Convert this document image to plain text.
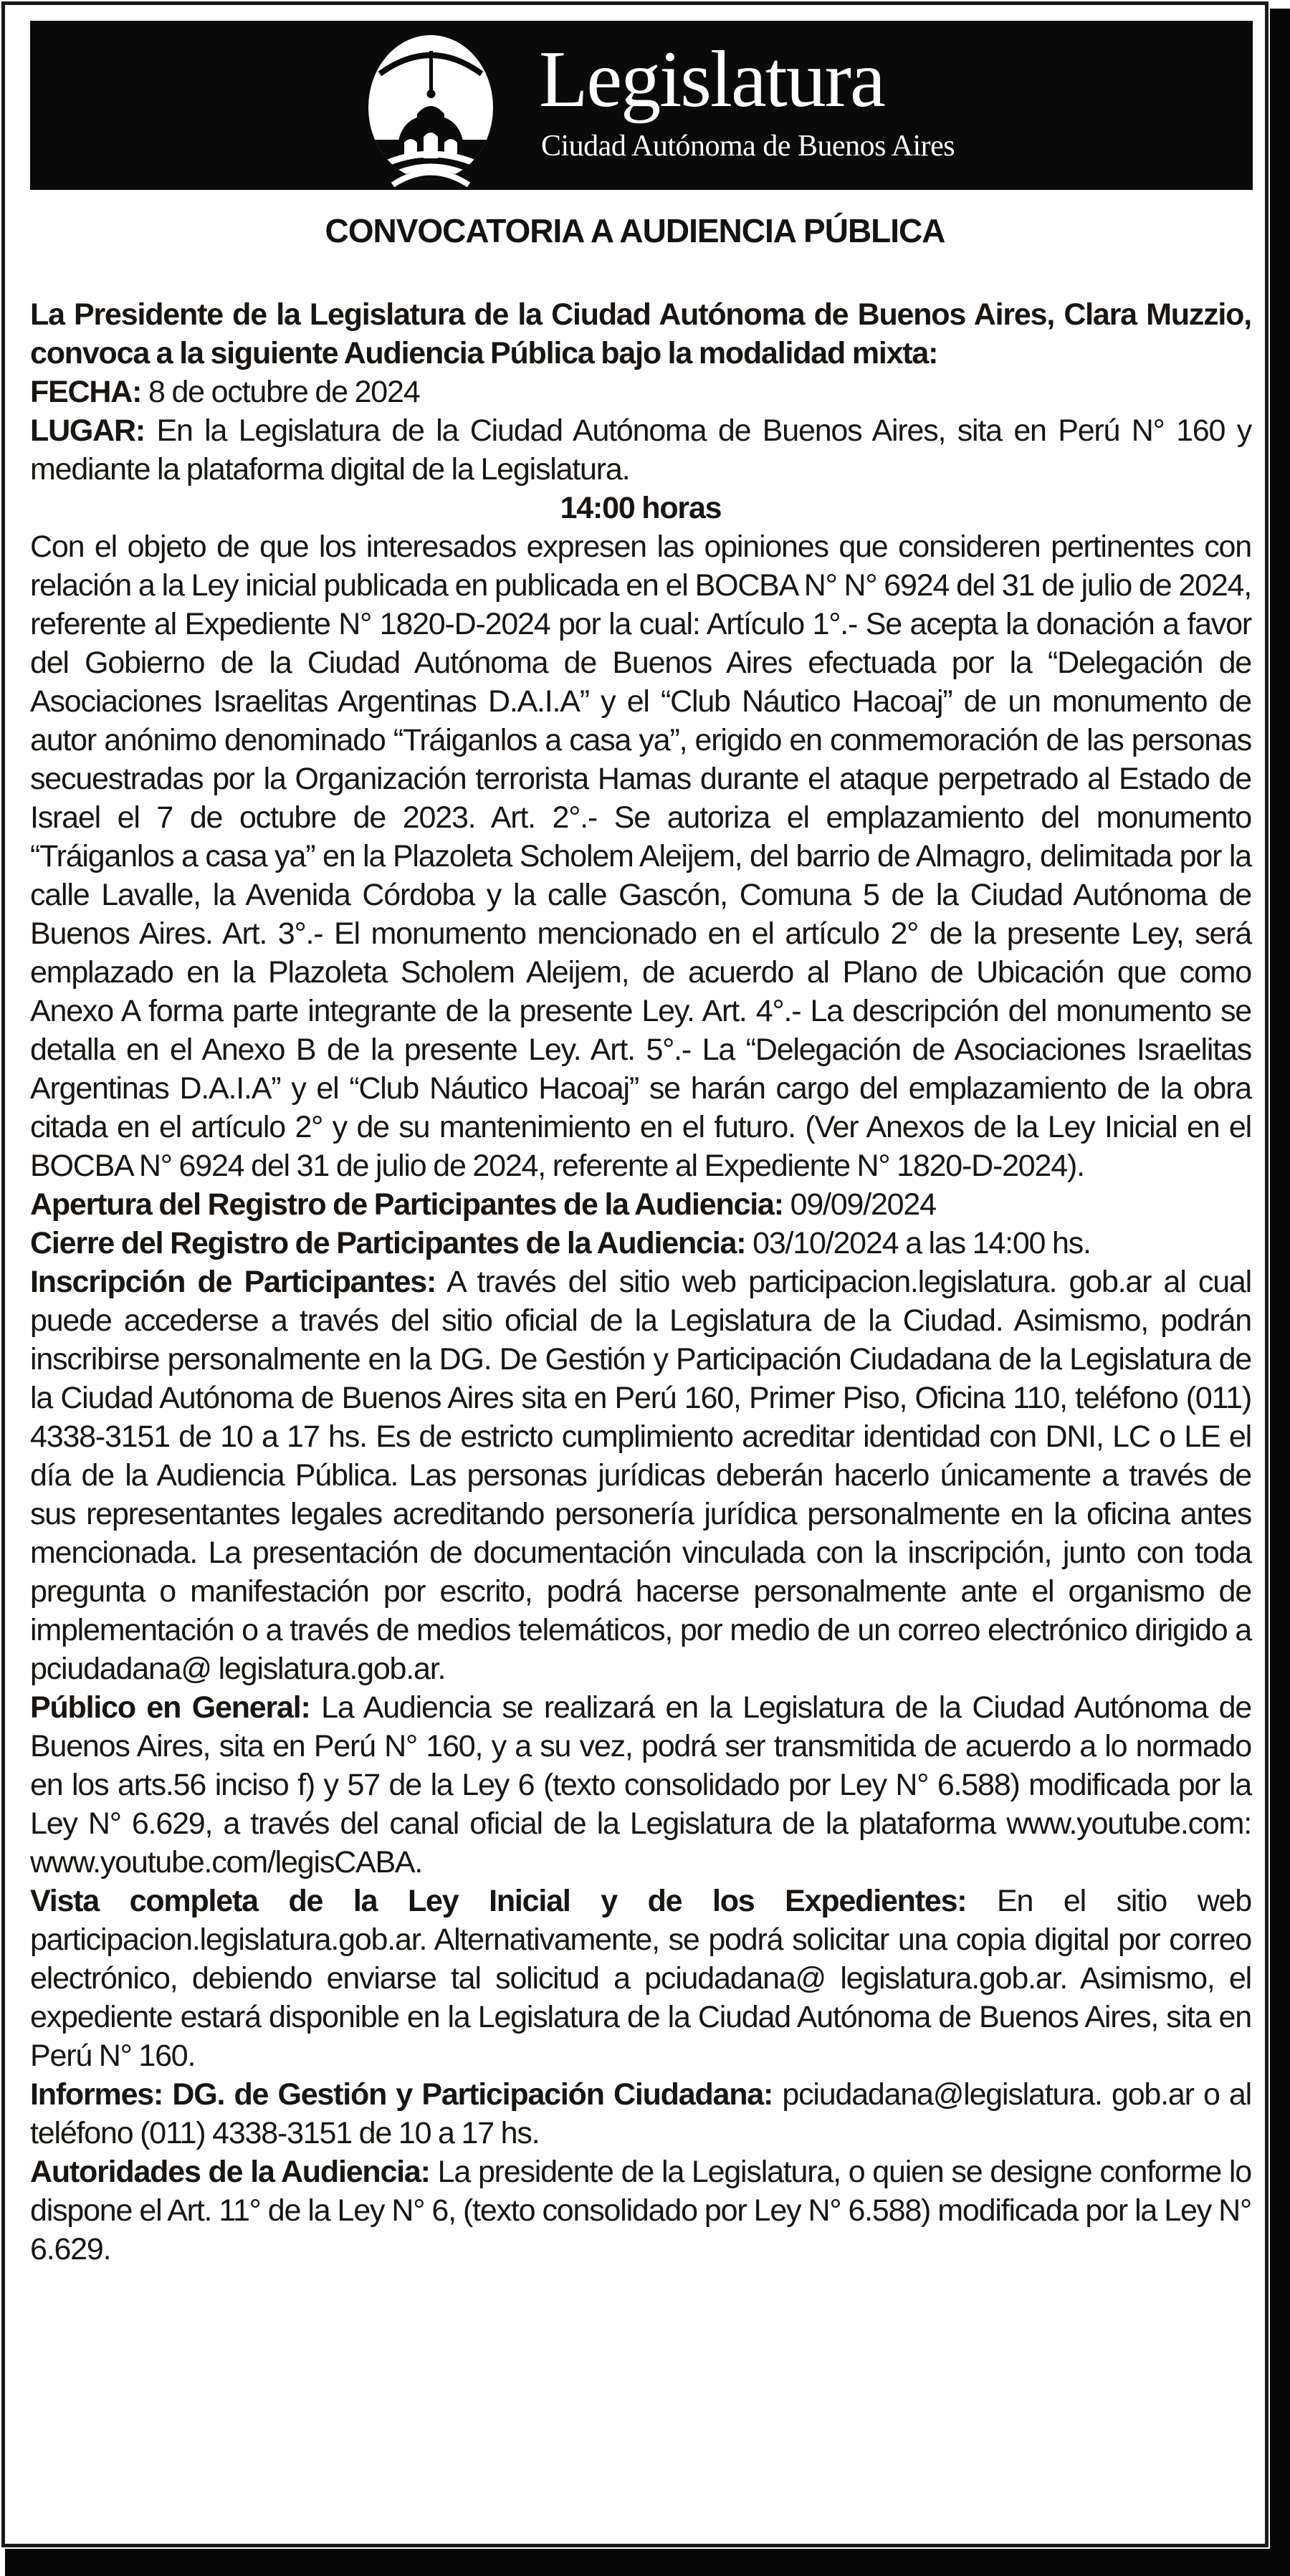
Legislatura
Ciudad Autónoma de Buenos Aires
CONVOCATORIA A AUDIENCIA PÚBLICA

La Presidente de la Legislatura de la Ciudad Autónoma de Buenos Aires, Clara Muzzio, convoca a la siguiente Audiencia Pública bajo la modalidad mixta:

FECHA: 8 de octubre de 2024

LUGAR: En la Legislatura de la Ciudad Autónoma de Buenos Aires, sita en Perú N° 160 y mediante la plataforma digital de la Legislatura.

14:00 horas

Con el objeto de que los interesados expresen las opiniones que consideren pertinentes con relación a la Ley inicial publicada en publicada en el BOCBA N° N° 6924 del 31 de julio de 2024, referente al Expediente N° 1820-D-2024 por la cual: Artículo 1°.- Se acepta la donación a favor del Gobierno de la Ciudad Autónoma de Buenos Aires efectuada por la “Delegación de Asociaciones Israelitas Argentinas D.A.I.A” y el “Club Náutico Hacoaj” de un monumento de autor anónimo denominado “Tráiganlos a casa ya”, erigido en conmemoración de las personas secuestradas por la Organización terrorista Hamas durante el ataque perpetrado al Estado de Israel el 7 de octubre de 2023. Art. 2°.- Se autoriza el emplazamiento del monumento “Tráiganlos a casa ya” en la Plazoleta Scholem Aleijem, del barrio de Almagro, delimitada por la calle Lavalle, la Avenida Córdoba y la calle Gascón, Comuna 5 de la Ciudad Autónoma de Buenos Aires. Art. 3°.- El monumento mencionado en el artículo 2° de la presente Ley, será emplazado en la Plazoleta Scholem Aleijem, de acuerdo al Plano de Ubicación que como Anexo A forma parte integrante de la presente Ley. Art. 4°.- La descripción del monumento se detalla en el Anexo B de la presente Ley. Art. 5°.- La “Delegación de Asociaciones Israelitas Argentinas D.A.I.A” y el “Club Náutico Hacoaj” se harán cargo del emplazamiento de la obra citada en el artículo 2° y de su mantenimiento en el futuro. (Ver Anexos de la Ley Inicial en el BOCBA N° 6924 del 31 de julio de 2024, referente al Expediente N° 1820-D-2024).

Apertura del Registro de Participantes de la Audiencia: 09/09/2024

Cierre del Registro de Participantes de la Audiencia: 03/10/2024 a las 14:00 hs.

Inscripción de Participantes: A través del sitio web participacion.legislatura. gob.ar al cual puede accederse a través del sitio oficial de la Legislatura de la Ciudad. Asimismo, podrán inscribirse personalmente en la DG. De Gestión y Participación Ciudadana de la Legislatura de la Ciudad Autónoma de Buenos Aires sita en Perú 160, Primer Piso, Oficina 110, teléfono (011) 4338-3151 de 10 a 17 hs. Es de estricto cumplimiento acreditar identidad con DNI, LC o LE el día de la Audiencia Pública. Las personas jurídicas deberán hacerlo únicamente a través de sus representantes legales acreditando personería jurídica personalmente en la oficina antes mencionada. La presentación de documentación vinculada con la inscripción, junto con toda pregunta o manifestación por escrito, podrá hacerse personalmente ante el organismo de implementación o a través de medios telemáticos, por medio de un correo electrónico dirigido a pciudadana@ legislatura.gob.ar.

Público en General: La Audiencia se realizará en la Legislatura de la Ciudad Autónoma de Buenos Aires, sita en Perú N° 160, y a su vez, podrá ser transmitida de acuerdo a lo normado en los arts.56 inciso f) y 57 de la Ley 6 (texto consolidado por Ley N° 6.588) modificada por la Ley N° 6.629, a través del canal oficial de la Legislatura de la plataforma www.youtube.com: www.youtube.com/legisCABA.

Vista completa de la Ley Inicial y de los Expedientes: En el sitio web participacion.legislatura.gob.ar. Alternativamente, se podrá solicitar una copia digital por correo electrónico, debiendo enviarse tal solicitud a pciudadana@ legislatura.gob.ar. Asimismo, el expediente estará disponible en la Legislatura de la Ciudad Autónoma de Buenos Aires, sita en Perú N° 160.

Informes: DG. de Gestión y Participación Ciudadana: pciudadana@legislatura. gob.ar o al teléfono (011) 4338-3151 de 10 a 17 hs.

Autoridades de la Audiencia: La presidente de la Legislatura, o quien se designe conforme lo dispone el Art. 11° de la Ley N° 6, (texto consolidado por Ley N° 6.588) modificada por la Ley N° 6.629.
